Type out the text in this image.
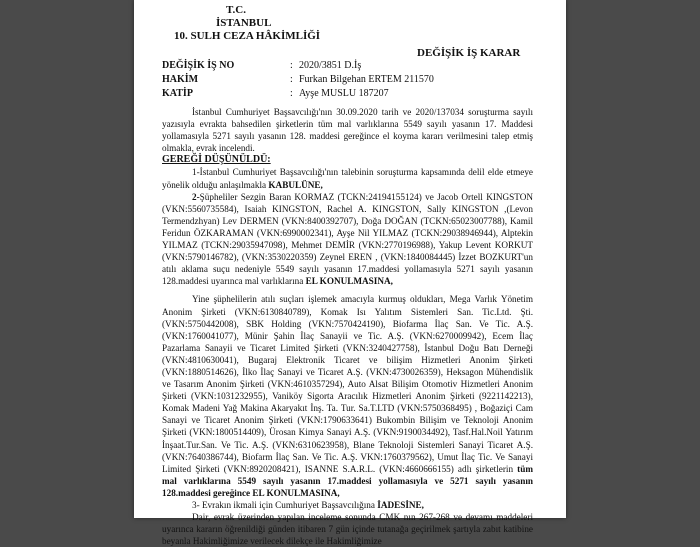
T.C.
İSTANBUL
10. SULH CEZA HÂKİMLİĞİ
DEĞİŞİK İŞ KARAR
DEĞİŞİK İŞ NO	: 2020/3851 D.İş
HAKİM	: Furkan Bilgehan ERTEM 211570
KATİP	: Ayşe MUSLU 187207

İstanbul Cumhuriyet Başsavcılığı'nın 30.09.2020 tarih ve 2020/137034 soruşturma sayılı yazısıyla evrakta bahsedilen şirketlerin tüm mal varlıklarına 5549 sayılı yasanın 17. Maddesi yollamasıyla 5271 sayılı yasanın 128. maddesi gereğince el koyma kararı verilmesini talep etmiş olmakla, evrak incelendi.

GEREĞİ DÜŞÜNÜLDÜ:

1-İstanbul Cumhuriyet Başsavcılığı'nın talebinin soruşturma kapsamında delil elde etmeye yönelik olduğu anlaşılmakla KABULÜNE,

2-Şüpheliler Sezgin Baran KORMAZ (TCKN:24194155124) ve Jacob Ortell KINGSTON (VKN:5560735584), Isaiah KINGSTON, Rachel A. KINGSTON, Sally KINGSTON ,(Levon Termendzhyan) Lev DERMEN (VKN:8400392707), Doğa DOĞAN (TCKN:65023007788), Kamil Feridun ÖZKARAMAN (VKN:6990002341), Ayşe Nil YILMAZ (TCKN:29038946944), Alptekin YILMAZ (TCKN:29035947098), Mehmet DEMİR (VKN:2770196988), Yakup Levent KORKUT (VKN:5790146782), (VKN:3530220359) Zeynel EREN , (VKN:1840084445) İzzet BOZKURT'un atılı aklama suçu nedeniyle 5549 sayılı yasanın 17.maddesi yollamasıyla 5271 sayılı yasanın 128.maddesi uyarınca mal varlıklarına EL KONULMASINA,

Yine şüphelilerin atılı suçları işlemek amacıyla kurmuş oldukları, Mega Varlık Yönetim Anonim Şirketi (VKN:6130840789), Komak Isı Yalıtım Sistemleri San. Tic.Ltd. Şti. (VKN:5750442008), SBK Holding (VKN:7570424190), Biofarma İlaç San. Ve Tic. A.Ş. (VKN:1760041077), Münir Şahin İlaç Sanayii ve Tic. A.Ş. (VKN:6270009942), Ecem İlaç Pazarlama Sanayii ve Ticaret Limited Şirketi (VKN:3240427758), İstanbul Doğu Batı Derneği (VKN:4810630041), Bugaraj Elektronik Ticaret ve bilişim Hizmetleri Anonim Şirketi (VKN:1880514626), İlko İlaç Sanayi ve Ticaret A.Ş. (VKN:4730026359), Heksagon Mühendislik ve Tasarım Anonim Şirketi (VKN:4610357294), Auto Alsat Bilişim Otomotiv Hizmetleri Anonim Şirketi (VKN:1031232955), Vaniköy Sigorta Aracılık Hizmetleri Anonim Şirketi (9221142213), Komak Madeni Yağ Makina Akaryakıt İnş. Ta. Tur. Sa.T.LTD (VKN:5750368495) , Boğaziçi Cam Sanayi ve Ticaret Anonim Şirketi (VKN:1790633641) Bukombin Bilişim ve Teknoloji Anonim Şirketi (VKN:1800514409), Ürosan Kimya Sanayi A.Ş. (VKN:9190034492), Tasf.Hal.Noil Yatırım İnşaat.Tur.San. Ve Tic. A.Ş. (VKN:6310623958), Blane Teknoloji Sistemleri Sanayi Ticaret A.Ş. (VKN:7640386744), Biofarm İlaç San. Ve Tic. A.Ş. VKN:1760379562), Umut İlaç Tic. Ve Sanayi Limited Şirketi (VKN:8920208421), ISANNE S.A.R.L. (VKN:4660666155) adlı şirketlerin tüm mal varlıklarına 5549 sayılı yasanın 17.maddesi yollamasıyla ve 5271 sayılı yasanın 128.maddesi gereğince EL KONULMASINA,

3- Evrakın ikmali için Cumhuriyet Başsavcılığına İADESİNE,

Dair, evrak üzerinden yapılan inceleme sonunda CMK nın 267-268 ve devamı maddeleri uyarınca kararın öğrenildiği günden itibaren 7 gün içinde tutanağa geçirilmek şartıyla zabıt katibine beyanla Hakimliğimize verilecek dilekçe ile Hakimliğimize
